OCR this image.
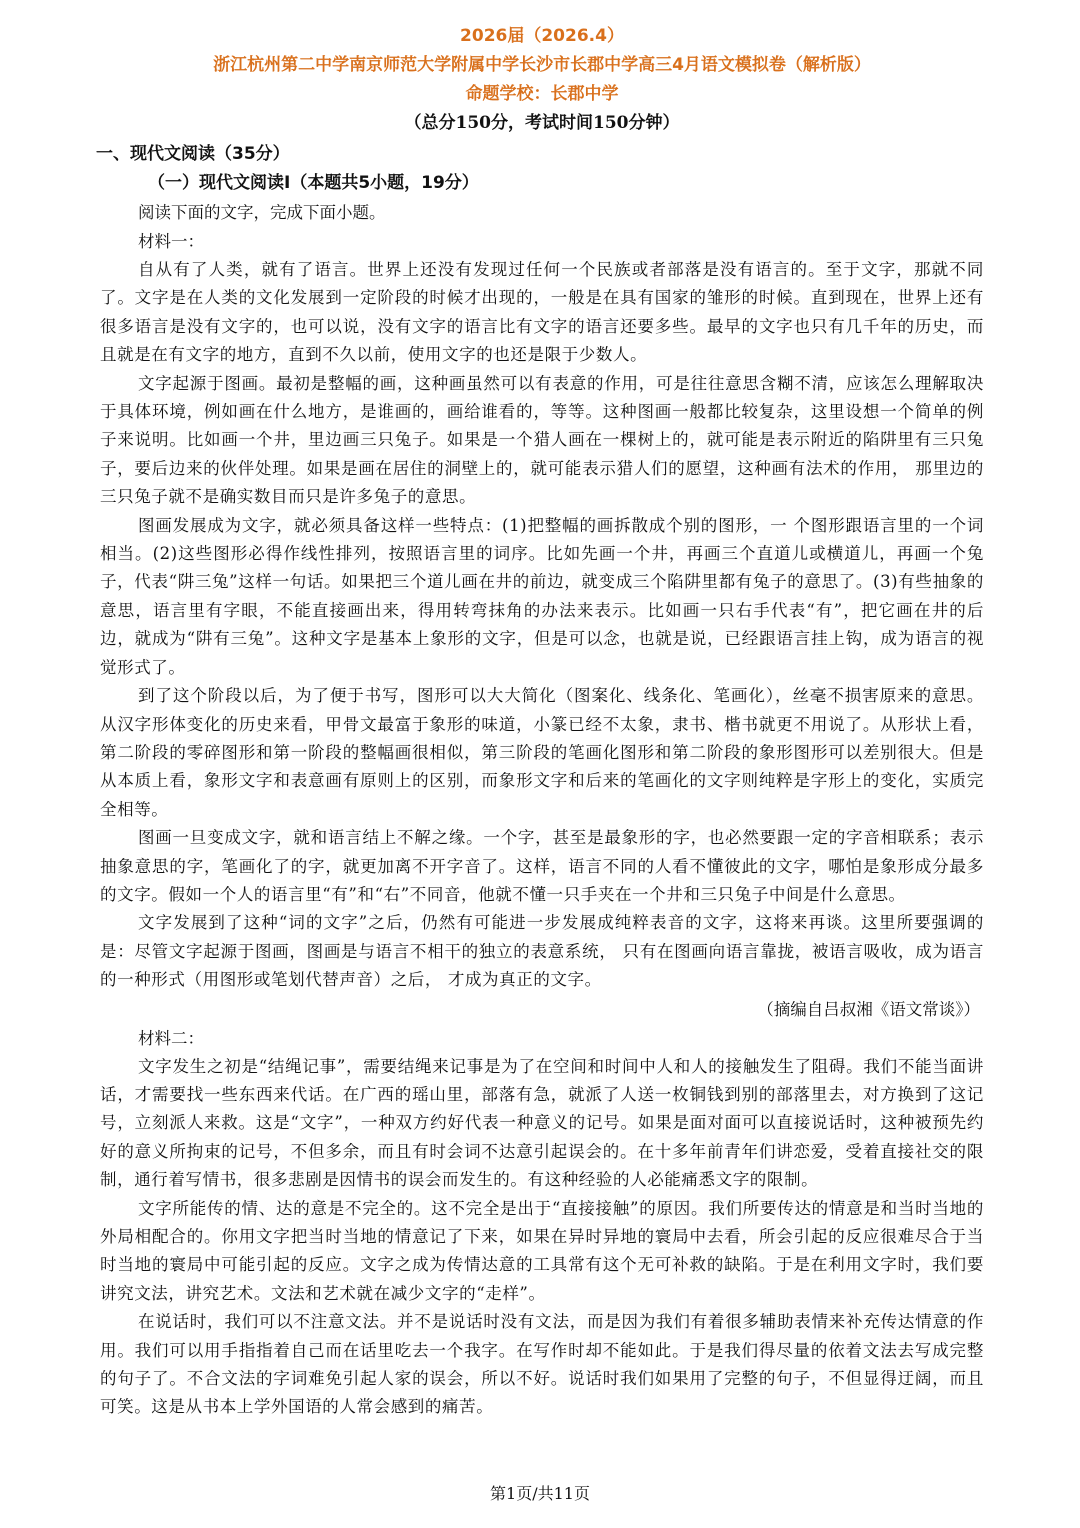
2026届（2026.4）
浙江杭州第二中学南京师范大学附属中学长沙市长郡中学高三4月语文模拟卷（解析版）
命题学校：长郡中学
（总分150分，考试时间150分钟）
一、现代文阅读（35分）
（一）现代文阅读Ⅰ（本题共5小题，19分）
阅读下面的文字，完成下面小题。
材料一：

自从有了人类，就有了语言。世界上还没有发现过任何一个民族或者部落是没有语言的。至于文字，那就不同了。文字是在人类的文化发展到一定阶段的时候才出现的，一般是在具有国家的雏形的时候。直到现在，世界上还有很多语言是没有文字的，也可以说，没有文字的语言比有文字的语言还要多些。最早的文字也只有几千年的历史，而且就是在有文字的地方，直到不久以前，使用文字的也还是限于少数人。

文字起源于图画。最初是整幅的画，这种画虽然可以有表意的作用，可是往往意思含糊不清，应该怎么理解取决于具体环境，例如画在什么地方，是谁画的，画给谁看的，等等。这种图画一般都比较复杂，这里设想一个简单的例子来说明。比如画一个井，里边画三只兔子。如果是一个猎人画在一棵树上的，就可能是表示附近的陷阱里有三只兔子，要后边来的伙伴处理。如果是画在居住的洞壁上的，就可能表示猎人们的愿望，这种画有法术的作用， 那里边的三只兔子就不是确实数目而只是许多兔子的意思。

图画发展成为文字，就必须具备这样一些特点：(1)把整幅的画拆散成个别的图形，一 个图形跟语言里的一个词相当。(2)这些图形必得作线性排列，按照语言里的词序。比如先画一个井，再画三个直道儿或横道儿，再画一个兔子，代表“阱三兔”这样一句话。如果把三个道儿画在井的前边，就变成三个陷阱里都有兔子的意思了。(3)有些抽象的意思，语言里有字眼，不能直接画出来，得用转弯抹角的办法来表示。比如画一只右手代表“有”，把它画在井的后边，就成为“阱有三兔”。这种文字是基本上象形的文字，但是可以念，也就是说，已经跟语言挂上钩，成为语言的视觉形式了。

到了这个阶段以后，为了便于书写，图形可以大大简化（图案化、线条化、笔画化），丝毫不损害原来的意思。从汉字形体变化的历史来看，甲骨文最富于象形的味道，小篆已经不太象，隶书、楷书就更不用说了。从形状上看，第二阶段的零碎图形和第一阶段的整幅画很相似，第三阶段的笔画化图形和第二阶段的象形图形可以差别很大。但是从本质上看，象形文字和表意画有原则上的区别，而象形文字和后来的笔画化的文字则纯粹是字形上的变化，实质完全相等。

图画一旦变成文字，就和语言结上不解之缘。一个字，甚至是最象形的字，也必然要跟一定的字音相联系；表示抽象意思的字，笔画化了的字，就更加离不开字音了。这样，语言不同的人看不懂彼此的文字，哪怕是象形成分最多的文字。假如一个人的语言里“有”和“右”不同音，他就不懂一只手夹在一个井和三只兔子中间是什么意思。

文字发展到了这种“词的文字”之后，仍然有可能进一步发展成纯粹表音的文字，这将来再谈。这里所要强调的是：尽管文字起源于图画，图画是与语言不相干的独立的表意系统， 只有在图画向语言靠拢，被语言吸收，成为语言的一种形式（用图形或笔划代替声音）之后， 才成为真正的文字。

（摘编自吕叔湘《语文常谈》）
材料二：

文字发生之初是“结绳记事”，需要结绳来记事是为了在空间和时间中人和人的接触发生了阻碍。我们不能当面讲话，才需要找一些东西来代话。在广西的瑶山里，部落有急，就派了人送一枚铜钱到别的部落里去，对方换到了这记号，立刻派人来救。这是“文字”，一种双方约好代表一种意义的记号。如果是面对面可以直接说话时，这种被预先约好的意义所拘束的记号，不但多余，而且有时会词不达意引起误会的。在十多年前青年们讲恋爱，受着直接社交的限制，通行着写情书，很多悲剧是因情书的误会而发生的。有这种经验的人必能痛悉文字的限制。

文字所能传的情、达的意是不完全的。这不完全是出于“直接接触”的原因。我们所要传达的情意是和当时当地的外局相配合的。你用文字把当时当地的情意记了下来，如果在异时异地的寰局中去看，所会引起的反应很难尽合于当时当地的寰局中可能引起的反应。文字之成为传情达意的工具常有这个无可补救的缺陷。于是在利用文字时，我们要讲究文法，讲究艺术。文法和艺术就在减少文字的“走样”。

在说话时，我们可以不注意文法。并不是说话时没有文法，而是因为我们有着很多辅助表情来补充传达情意的作用。我们可以用手指指着自己而在话里吃去一个我字。在写作时却不能如此。于是我们得尽量的依着文法去写成完整的句子了。不合文法的字词难免引起人家的误会，所以不好。说话时我们如果用了完整的句子，不但显得迂阔，而且可笑。这是从书本上学外国语的人常会感到的痛苦。

第1页/共11页
